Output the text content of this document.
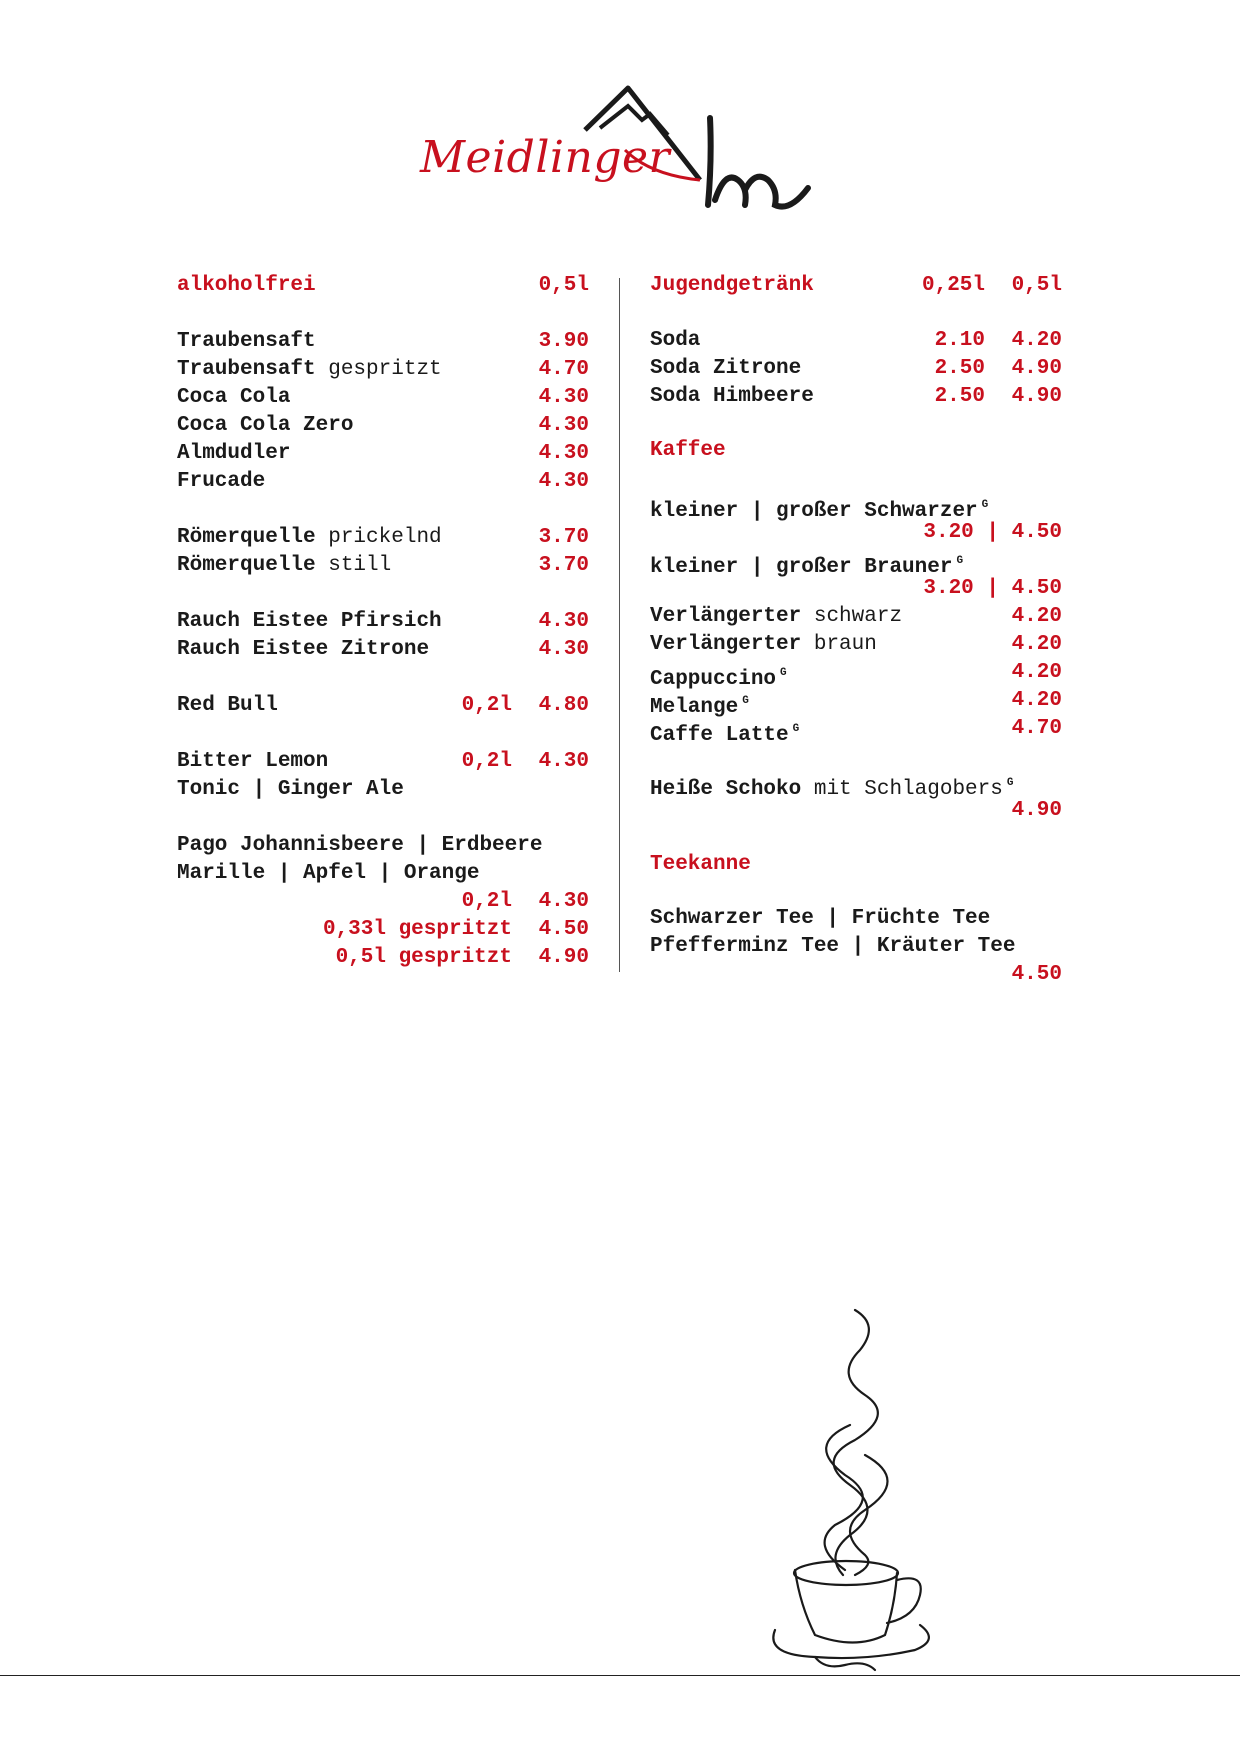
Meidlinger
alkoholfrei	0,5l
Traubensaft	3.90
Traubensaft gespritzt	4.70
Coca Cola	4.30
Coca Cola Zero	4.30
Almdudler	4.30
Frucade	4.30
Römerquelle prickelnd	3.70
Römerquelle still	3.70
Rauch Eistee Pfirsich	4.30
Rauch Eistee Zitrone	4.30
Red Bull	0,2l 4.80
Bitter Lemon	0,2l 4.30
Tonic | Ginger Ale
Pago Johannisbeere | Erdbeere
Marille | Apfel | Orange
0,2l 4.30
0,33l gespritzt 4.50
0,5l gespritzt 4.90
Jugendgetränk	0,25l 0,5l
Soda	2.10 4.20
Soda Zitrone	2.50 4.90
Soda Himbeere	2.50 4.90
Kaffee
kleiner | großer Schwarzer $^G$
3.20 | 4.50
kleiner | großer Brauner $^G$
3.20 | 4.50
Verlängerter schwarz	4.20
Verlängerter braun	4.20
Cappuccino $^G$	4.20
Melange $^G$	4.20
Caffe Latte $^G$	4.70
Heiße Schoko mit Schlagobers $^G$
4.90
Teekanne
Schwarzer Tee | Früchte Tee
Pfefferminz Tee | Kräuter Tee
4.50
